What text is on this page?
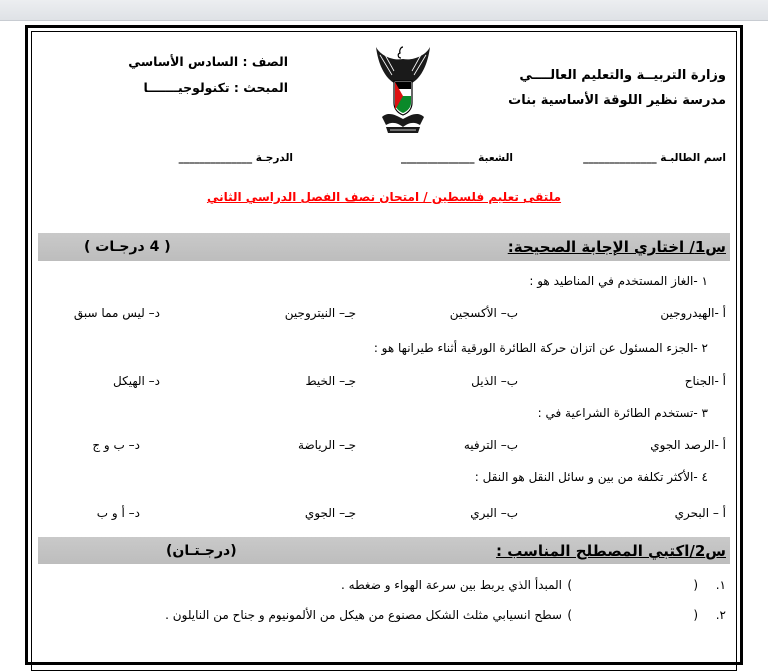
وزارة التربيــة والتعليم العالــــي
مدرسة نظير اللوقة الأساسية بنات
الصف : السادس الأساسي
المبحث : تكنولوجيـــــــا
اسم الطالبـة ______________
الشعبة ______________
الدرجـة ______________
ملتقى تعليم فلسطين / امتحان نصف الفصل الدراسي الثاني
س1/ اختاري الإجابة الصحيحة:
( 4 درجـات )
١ -الغاز المستخدم في المناطيد هو :
أ -الهيدروجين
ب– الأكسجين
جـ– النيتروجين
د– ليس مما سبق
٢ -الجزء المسئول عن اتزان حركة الطائرة الورقية أثناء طيرانها هو :
أ -الجناح
ب– الذيل
جـ– الخيط
د– الهيكل
٣ -تستخدم الطائرة الشراعية في :
أ -الرصد الجوي
ب– الترفيه
جـ– الرياضة
د– ب و ج
٤ -الأكثر تكلفة من بين و سائل النقل هو النقل :
أ – البحري
ب– البري
جـ– الجوي
د– أ و ب
س2/اكتبي المصطلح المناسب :
(درجـتـان)
١.
(
)
المبدأ الذي يربط بين سرعة الهواء و ضغطه .
٢.
(
)
سطح انسيابي مثلث الشكل مصنوع من هيكل من الألمونيوم و جناح من النايلون .
